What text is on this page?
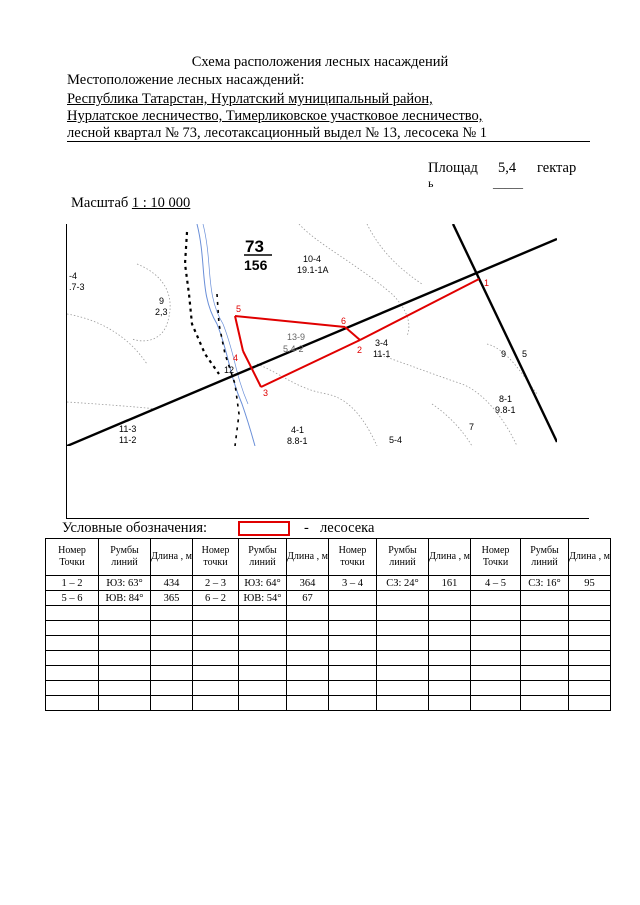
Схема расположения лесных насаждений
Местоположение лесных насаждений:
Республика Татарстан, Нурлатский муниципальный район,
Нурлатское лесничество, Тимерликовское участковое лесничество,
лесной квартал № 73, лесотаксационный выдел № 13, лесосека № 1
Площад
ь
5,4 гектар
_____
Масштаб 1 : 10 000
1
2
3
4
5
6
73
156	10-4
19.1-1A
-4
.7-3
9
2,3
13-9
5.4-2
3-4
11-1
12
11-3
11-2
4-1
8.8-1	5-4
8-1
9.8-1
7
9 5
Условные обозначения:	- лесосека
Номер Точки	Румбы линий	Длина , м	Номер точки	Румбы линий	Длина , м	Номер точки	Румбы линий	Длина , м	Номер Точки	Румбы линий	Длина , м
1 – 2	ЮЗ: 63°	434	2 – 3	ЮЗ: 64°	364	3 – 4	СЗ: 24°	161	4 – 5	СЗ: 16°	95
5 – 6	ЮВ: 84°	365	6 – 2	ЮВ: 54°	67						
